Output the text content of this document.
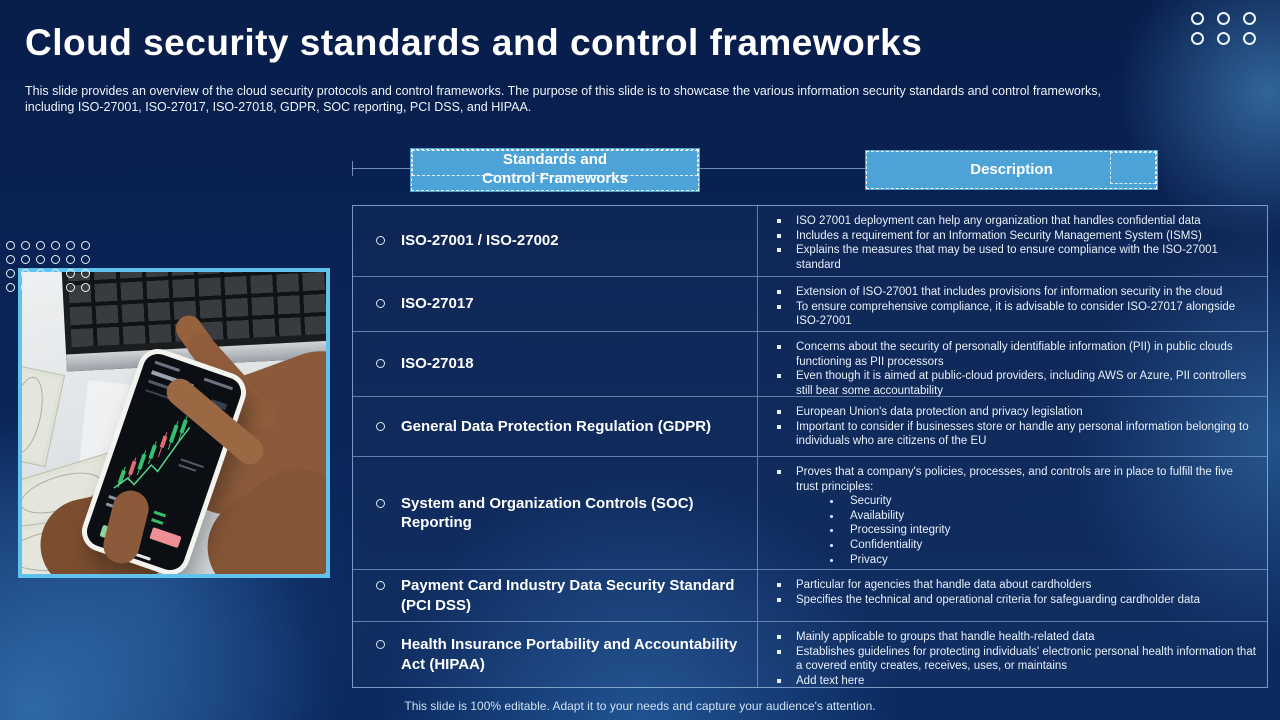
Cloud security standards and control frameworks
This slide provides an overview of the cloud security protocols and control frameworks. The purpose of this slide is to showcase the various information security standards and control frameworks, including ISO-27001, ISO-27017, ISO-27018, GDPR, SOC reporting, PCI DSS, and HIPAA.
Standards and Control Frameworks
Description
ISO-27001 / ISO-27002
ISO 27001 deployment can help any organization that handles confidential data
Includes a requirement for an Information Security Management System (ISMS)
Explains the measures that may be used to ensure compliance with the ISO-27001 standard
ISO-27017
Extension of ISO-27001 that includes provisions for information security in the cloud
To ensure comprehensive compliance, it is advisable to consider ISO-27017 alongside ISO-27001
ISO-27018
Concerns about the security of personally identifiable information (PII) in public clouds functioning as PII processors
Even though it is aimed at public-cloud providers, including AWS or Azure, PII controllers still bear some accountability
General Data Protection Regulation (GDPR)
European Union's data protection and privacy legislation
Important to consider if businesses store or handle any personal information belonging to individuals who are citizens of the EU
System and Organization Controls (SOC) Reporting
Proves that a company's policies, processes, and controls are in place to fulfill the five trust principles:
Security
Availability
Processing integrity
Confidentiality
Privacy
Payment Card Industry Data Security Standard (PCI DSS)
Particular for agencies that handle data about cardholders
Specifies the technical and operational criteria for safeguarding cardholder data
Health Insurance Portability and Accountability Act (HIPAA)
Mainly applicable to groups that handle health-related data
Establishes guidelines for protecting individuals' electronic personal health information that a covered entity creates, receives, uses, or maintains
Add text here
This slide is 100% editable. Adapt it to your needs and capture your audience's attention.
